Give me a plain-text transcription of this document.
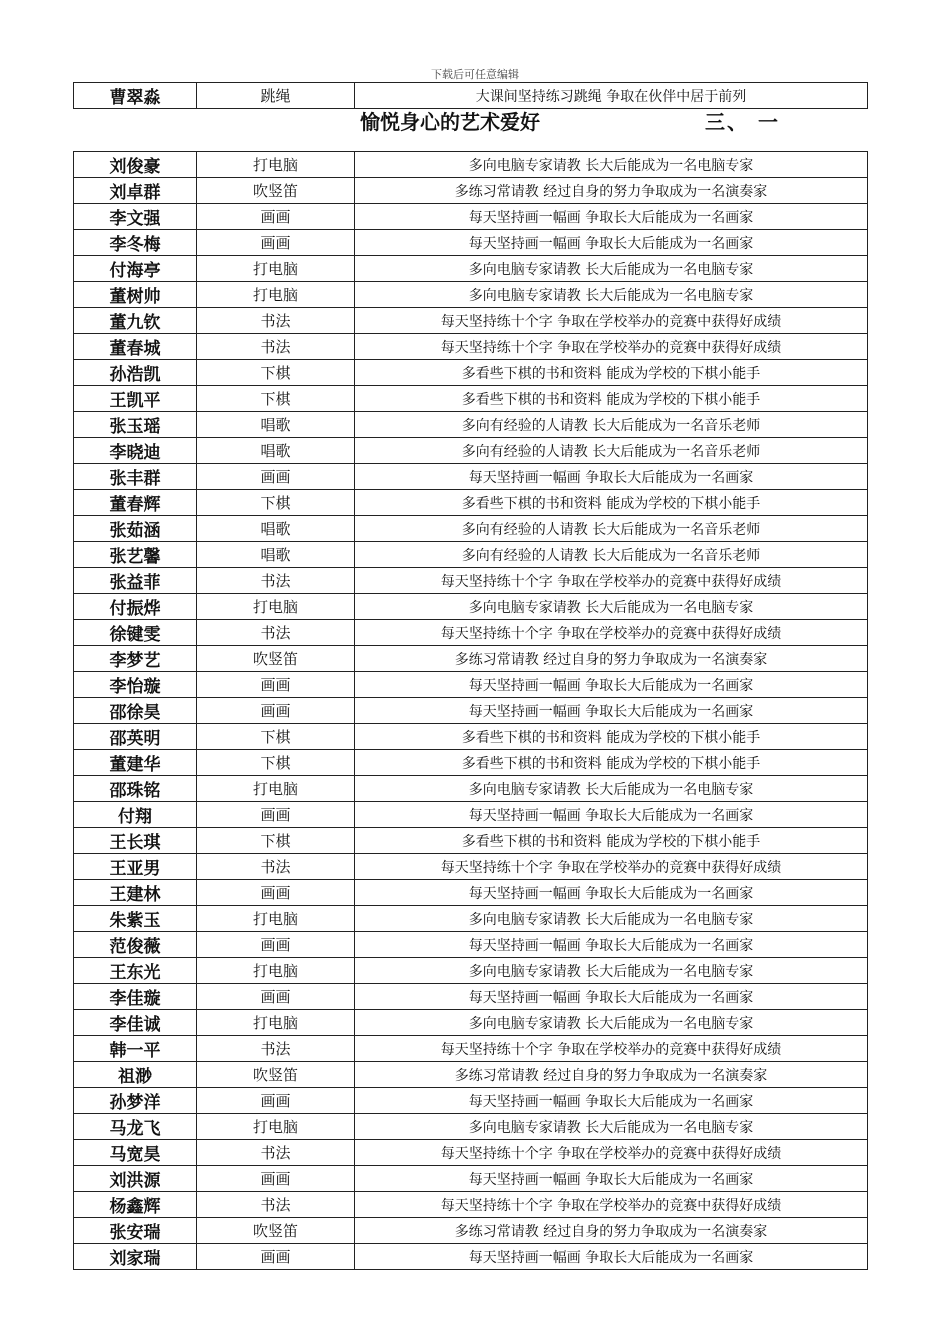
下载后可任意编辑
曹翠淼	跳绳	大课间坚持练习跳绳 争取在伙伴中居于前列
愉悦身心的艺术爱好	三、 一
刘俊豪	打电脑	多向电脑专家请教 长大后能成为一名电脑专家
刘卓群	吹竖笛	多练习常请教 经过自身的努力争取成为一名演奏家
李文强	画画	每天坚持画一幅画 争取长大后能成为一名画家
李冬梅	画画	每天坚持画一幅画 争取长大后能成为一名画家
付海亭	打电脑	多向电脑专家请教 长大后能成为一名电脑专家
董树帅	打电脑	多向电脑专家请教 长大后能成为一名电脑专家
董九钦	书法	每天坚持练十个字 争取在学校举办的竞赛中获得好成绩
董春城	书法	每天坚持练十个字 争取在学校举办的竞赛中获得好成绩
孙浩凯	下棋	多看些下棋的书和资料 能成为学校的下棋小能手
王凯平	下棋	多看些下棋的书和资料 能成为学校的下棋小能手
张玉瑶	唱歌	多向有经验的人请教 长大后能成为一名音乐老师
李晓迪	唱歌	多向有经验的人请教 长大后能成为一名音乐老师
张丰群	画画	每天坚持画一幅画 争取长大后能成为一名画家
董春辉	下棋	多看些下棋的书和资料 能成为学校的下棋小能手
张茹涵	唱歌	多向有经验的人请教 长大后能成为一名音乐老师
张艺馨	唱歌	多向有经验的人请教 长大后能成为一名音乐老师
张益菲	书法	每天坚持练十个字 争取在学校举办的竞赛中获得好成绩
付振烨	打电脑	多向电脑专家请教 长大后能成为一名电脑专家
徐键雯	书法	每天坚持练十个字 争取在学校举办的竞赛中获得好成绩
李梦艺	吹竖笛	多练习常请教 经过自身的努力争取成为一名演奏家
李怡璇	画画	每天坚持画一幅画 争取长大后能成为一名画家
邵徐昊	画画	每天坚持画一幅画 争取长大后能成为一名画家
邵英明	下棋	多看些下棋的书和资料 能成为学校的下棋小能手
董建华	下棋	多看些下棋的书和资料 能成为学校的下棋小能手
邵珠铭	打电脑	多向电脑专家请教 长大后能成为一名电脑专家
付翔	画画	每天坚持画一幅画 争取长大后能成为一名画家
王长琪	下棋	多看些下棋的书和资料 能成为学校的下棋小能手
王亚男	书法	每天坚持练十个字 争取在学校举办的竞赛中获得好成绩
王建林	画画	每天坚持画一幅画 争取长大后能成为一名画家
朱紫玉	打电脑	多向电脑专家请教 长大后能成为一名电脑专家
范俊薇	画画	每天坚持画一幅画 争取长大后能成为一名画家
王东光	打电脑	多向电脑专家请教 长大后能成为一名电脑专家
李佳璇	画画	每天坚持画一幅画 争取长大后能成为一名画家
李佳诚	打电脑	多向电脑专家请教 长大后能成为一名电脑专家
韩一平	书法	每天坚持练十个字 争取在学校举办的竞赛中获得好成绩
祖渺	吹竖笛	多练习常请教 经过自身的努力争取成为一名演奏家
孙梦洋	画画	每天坚持画一幅画 争取长大后能成为一名画家
马龙飞	打电脑	多向电脑专家请教 长大后能成为一名电脑专家
马宽昊	书法	每天坚持练十个字 争取在学校举办的竞赛中获得好成绩
刘洪源	画画	每天坚持画一幅画 争取长大后能成为一名画家
杨鑫辉	书法	每天坚持练十个字 争取在学校举办的竞赛中获得好成绩
张安瑞	吹竖笛	多练习常请教 经过自身的努力争取成为一名演奏家
刘家瑞	画画	每天坚持画一幅画 争取长大后能成为一名画家
